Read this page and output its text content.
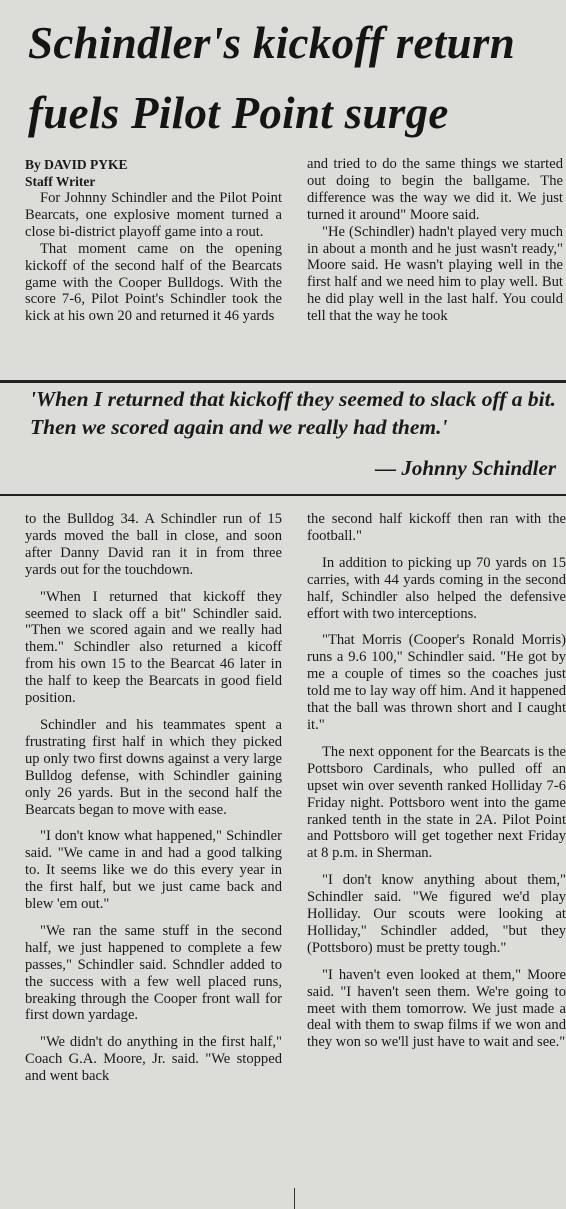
Schindler's kickoff return
fuels Pilot Point surge

By DAVID PYKE

Staff Writer

For Johnny Schindler and the Pilot Point Bearcats, one explosive moment turned a close bi-district playoff game into a rout.

That moment came on the opening kickoff of the second half of the Bearcats game with the Cooper Bulldogs. With the score 7-6, Pilot Point's Schindler took the kick at his own 20 and returned it 46 yards

and tried to do the same things we started out doing to begin the ballgame. The difference was the way we did it. We just turned it around" Moore said.

"He (Schindler) hadn't played very much in about a month and he just wasn't ready," Moore said. He wasn't playing well in the first half and we need him to play well. But he did play well in the last half. You could tell that the way he took

'When I returned that kickoff they seemed to slack off a bit. Then we scored again and we really had them.'
— Johnny Schindler

to the Bulldog 34. A Schindler run of 15 yards moved the ball in close, and soon after Danny David ran it in from three yards out for the touchdown.

"When I returned that kickoff they seemed to slack off a bit" Schindler said. "Then we scored again and we really had them." Schindler also returned a kicoff from his own 15 to the Bearcat 46 later in the half to keep the Bearcats in good field position.

Schindler and his teammates spent a frustrating first half in which they picked up only two first downs against a very large Bulldog defense, with Schindler gaining only 26 yards. But in the second half the Bearcats began to move with ease.

"I don't know what happened," Schindler said. "We came in and had a good talking to. It seems like we do this every year in the first half, but we just came back and blew 'em out."

"We ran the same stuff in the second half, we just happened to complete a few passes," Schindler said. Schndler added to the success with a few well placed runs, breaking through the Cooper front wall for first down yardage.

"We didn't do anything in the first half," Coach G.A. Moore, Jr. said. "We stopped and went back

the second half kickoff then ran with the football."

In addition to picking up 70 yards on 15 carries, with 44 yards coming in the second half, Schindler also helped the defensive effort with two interceptions.

"That Morris (Cooper's Ronald Morris) runs a 9.6 100," Schindler said. "He got by me a couple of times so the coaches just told me to lay way off him. And it happened that the ball was thrown short and I caught it."

The next opponent for the Bearcats is the Pottsboro Cardinals, who pulled off an upset win over seventh ranked Holliday 7-6 Friday night. Pottsboro went into the game ranked tenth in the state in 2A. Pilot Point and Pottsboro will get together next Friday at 8 p.m. in Sherman.

"I don't know anything about them," Schindler said. "We figured we'd play Holliday. Our scouts were looking at Holliday," Schindler added, "but they (Pottsboro) must be pretty tough."

"I haven't even looked at them," Moore said. "I haven't seen them. We're going to meet with them tomorrow. We just made a deal with them to swap films if we won and they won so we'll just have to wait and see."
